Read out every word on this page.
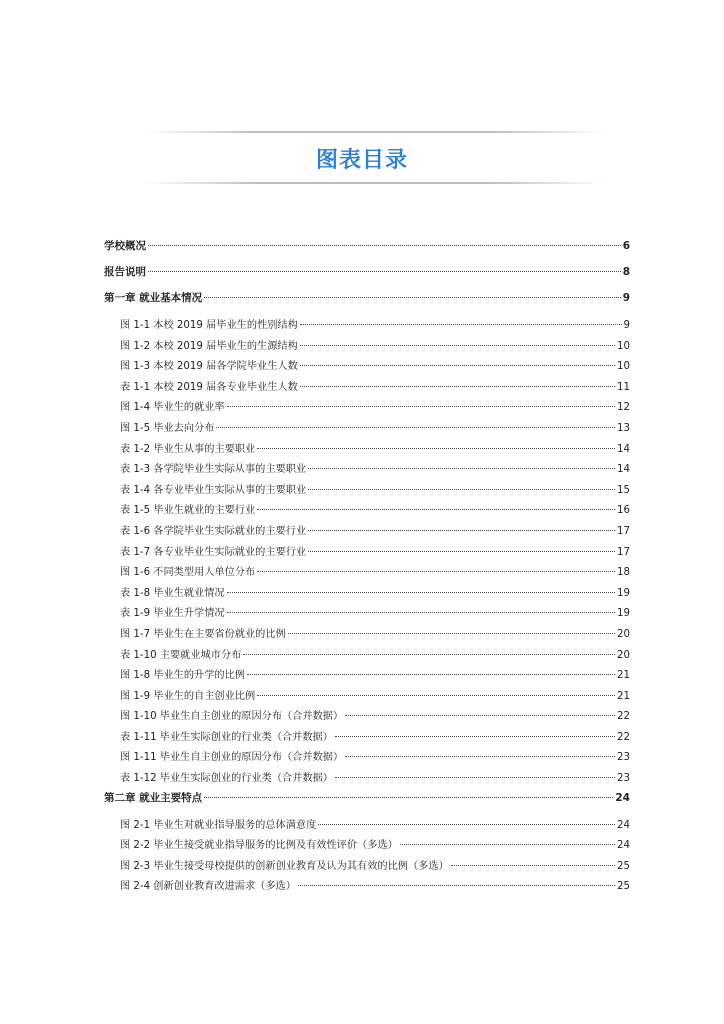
图表目录
学校概况	6
报告说明	8
第一章 就业基本情况	9
图 1-1 本校 2019 届毕业生的性别结构	9
图 1-2 本校 2019 届毕业生的生源结构	10
图 1-3 本校 2019 届各学院毕业生人数	10
表 1-1 本校 2019 届各专业毕业生人数	11
图 1-4 毕业生的就业率	12
图 1-5 毕业去向分布	13
表 1-2 毕业生从事的主要职业	14
表 1-3 各学院毕业生实际从事的主要职业	14
表 1-4 各专业毕业生实际从事的主要职业	15
表 1-5 毕业生就业的主要行业	16
表 1-6 各学院毕业生实际就业的主要行业	17
表 1-7 各专业毕业生实际就业的主要行业	17
图 1-6 不同类型用人单位分布	18
表 1-8 毕业生就业情况	19
表 1-9 毕业生升学情况	19
图 1-7 毕业生在主要省份就业的比例	20
表 1-10 主要就业城市分布	20
图 1-8 毕业生的升学的比例	21
图 1-9 毕业生的自主创业比例	21
图 1-10 毕业生自主创业的原因分布（合并数据）	22
表 1-11 毕业生实际创业的行业类（合并数据）	22
图 1-11 毕业生自主创业的原因分布（合并数据）	23
表 1-12 毕业生实际创业的行业类（合并数据）	23
第二章 就业主要特点	24
图 2-1 毕业生对就业指导服务的总体满意度	24
图 2-2 毕业生接受就业指导服务的比例及有效性评价（多选）	24
图 2-3 毕业生接受母校提供的创新创业教育及认为其有效的比例（多选）	25
图 2-4 创新创业教育改进需求（多选）	25
